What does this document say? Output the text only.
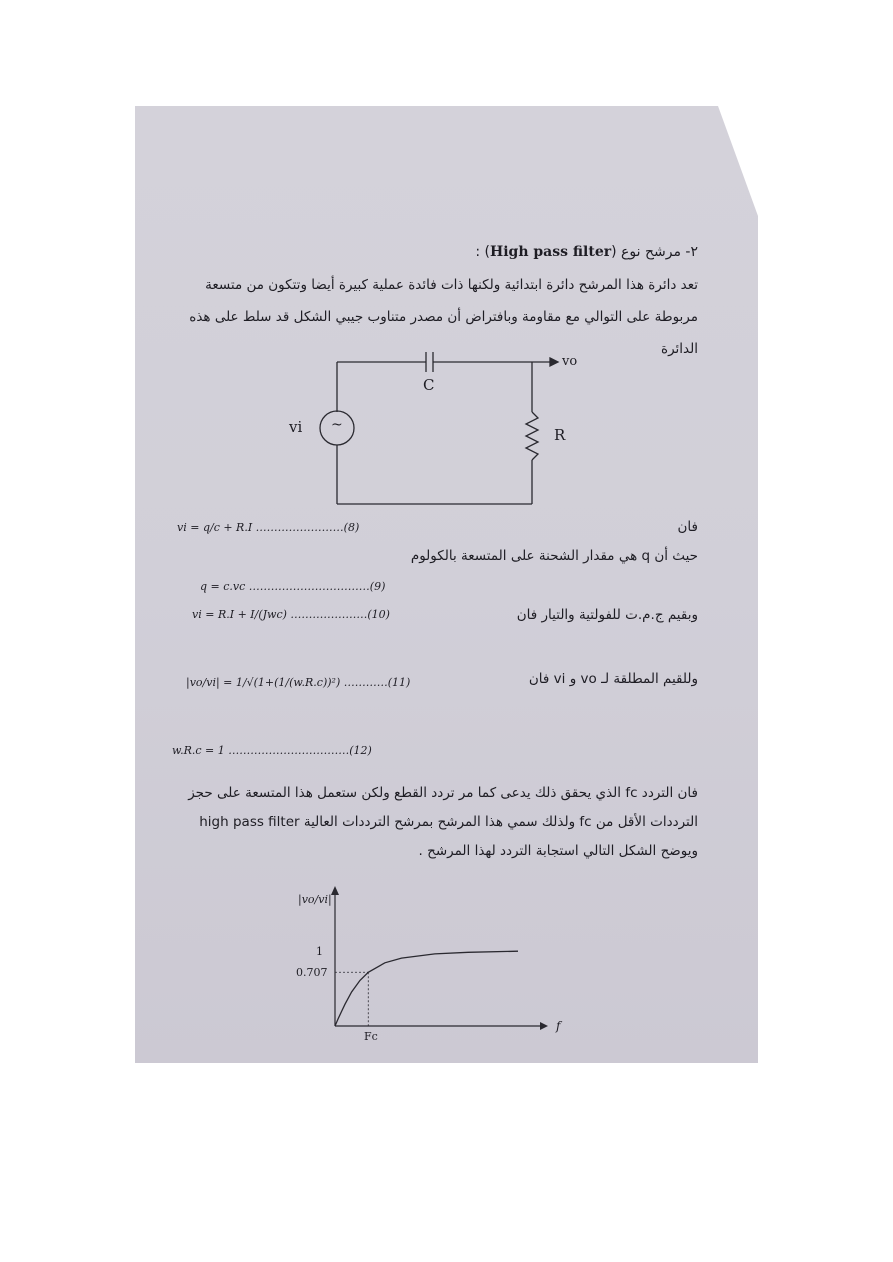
٢- مرشح نوع (High pass filter) :
تعد دائرة هذا المرشح دائرة ابتدائية ولكنها ذات فائدة عملية كبيرة أيضا وتتكون من متسعة
مربوطة على التوالي مع مقاومة وبافتراض أن مصدر متناوب جيبي الشكل قد سلط على هذه
الدائرة
C
R
vi
vo
~
vi = q/c + R.I ……………………(8)	فان
حيث أن q هي مقدار الشحنة على المتسعة بالكولوم
q = c.vc ……………………………(9)
vi = R.I + I/(Jwc) …………………(10)	وبقيم ج.م.ت للفولتية والتيار فان
|vo/vi| = 1/√(1+(1/(w.R.c))²) …………(11)	وللقيم المطلقة لـ vo و vi فان
w.R.c = 1 ……………………………(12)
فان التردد fc الذي يحقق ذلك يدعى كما مر تردد القطع ولكن ستعمل هذا المتسعة على حجز
الترددات الأقل من fc ولذلك سمي هذا المرشح بمرشح الترددات العالية high pass filter
ويوضح الشكل التالي استجابة التردد لهذا المرشح .
|vo/vi|
f
1
0.707
Fc
